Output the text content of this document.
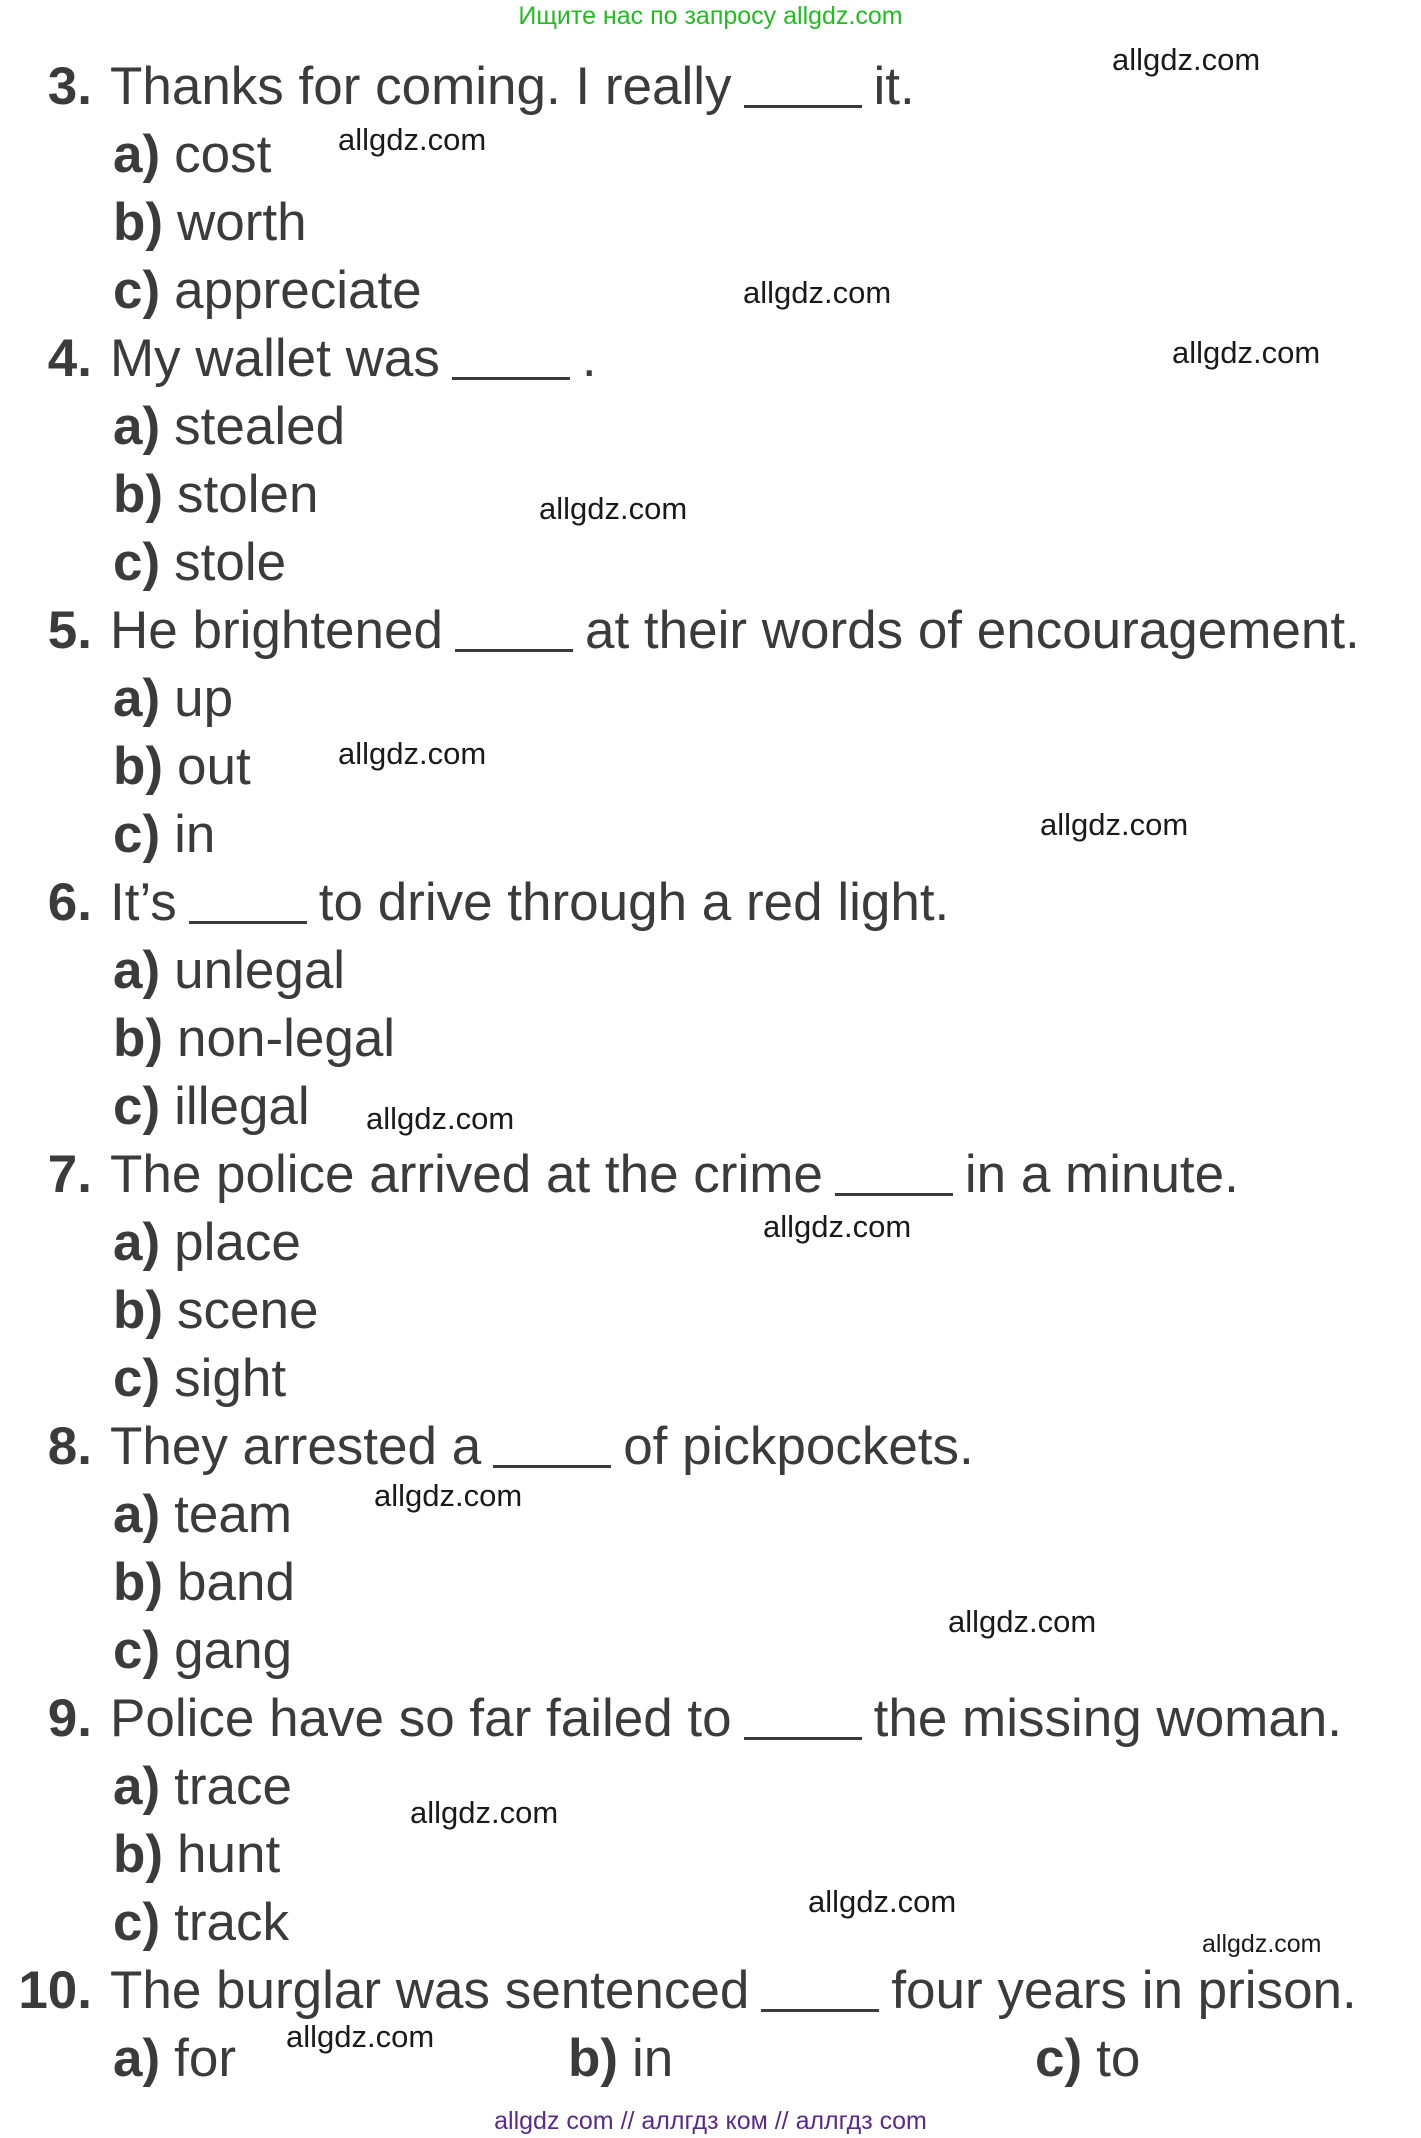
Ищите нас по запросу allgdz.com
3. Thanks for coming. I really	it.
a) cost
b) worth
c) appreciate
4. My wallet was	.
a) stealed
b) stolen
c) stole
5. He brightened	at their words of encouragement.
a) up
b) out
c) in
6. It’s	to drive through a red light.
a) unlegal
b) non-legal
c) illegal
7. The police arrived at the crime	in a minute.
a) place
b) scene
c) sight
8. They arrested a	of pickpockets.
a) team
b) band
c) gang
9. Police have so far failed to	the missing woman.
a) trace
b) hunt
c) track
10. The burglar was sentenced	four years in prison.
a) for	b) in	c) to
allgdz.com
allgdz.com
allgdz.com
allgdz.com
allgdz.com
allgdz.com
allgdz.com
allgdz.com
allgdz.com
allgdz.com
allgdz.com
allgdz.com
allgdz.com
allgdz.com
allgdz.com
allgdz com // аллгдз ком // аллгдз com
